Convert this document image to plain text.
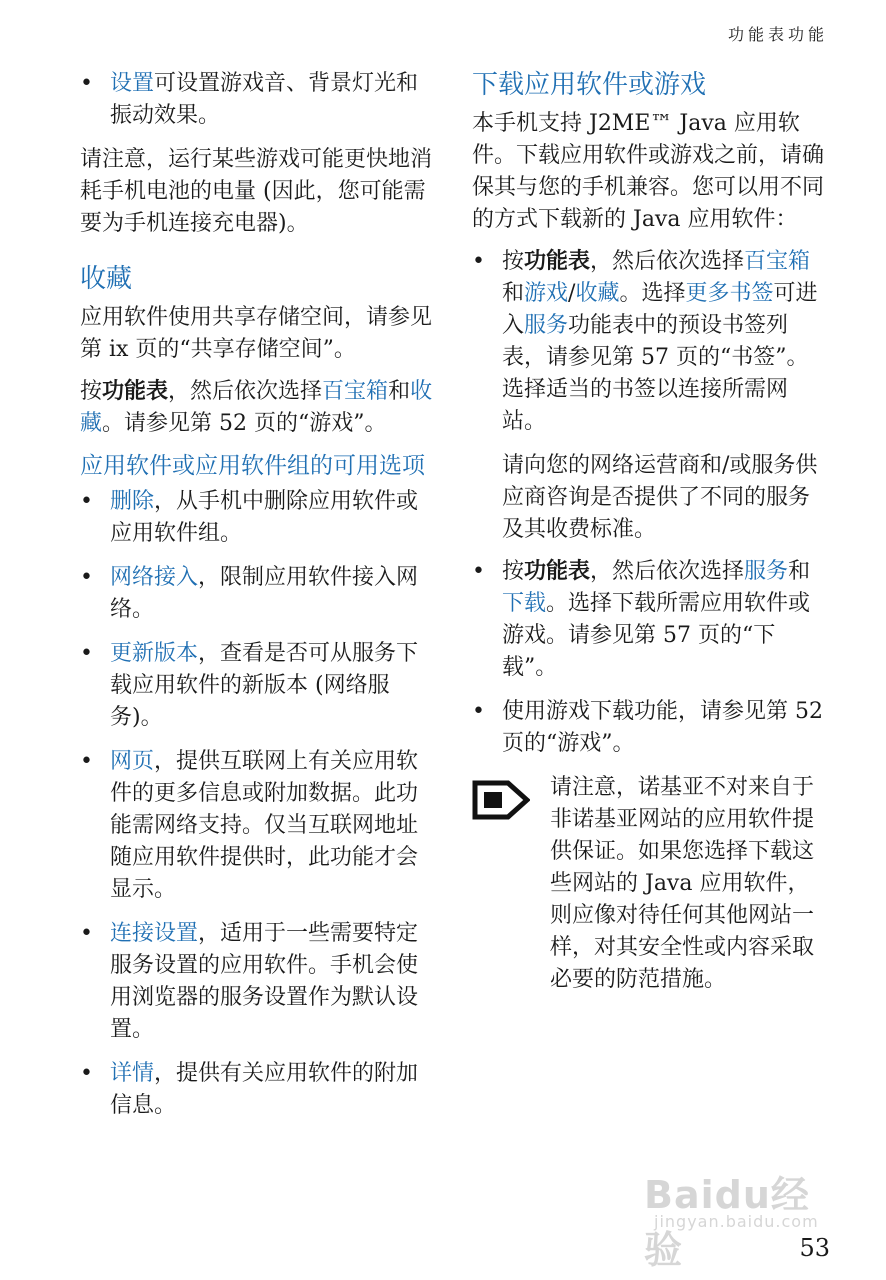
功能表功能
• 设置可设置游戏音、背景灯光和振动效果。

请注意，运行某些游戏可能更快地消耗手机电池的电量 (因此，您可能需要为手机连接充电器)。

收藏

应用软件使用共享存储空间，请参见第 ix 页的“共享存储空间”。

按功能表，然后依次选择百宝箱和收藏。请参见第 52 页的“游戏”。

应用软件或应用软件组的可用选项
• 删除，从手机中删除应用软件或应用软件组。
• 网络接入，限制应用软件接入网络。
• 更新版本，查看是否可从服务下载应用软件的新版本 (网络服务)。
• 网页，提供互联网上有关应用软件的更多信息或附加数据。此功能需网络支持。仅当互联网地址随应用软件提供时，此功能才会显示。
• 连接设置，适用于一些需要特定服务设置的应用软件。手机会使用浏览器的服务设置作为默认设置。
• 详情，提供有关应用软件的附加信息。
下载应用软件或游戏

本手机支持 J2ME™ Java 应用软件。下载应用软件或游戏之前，请确保其与您的手机兼容。您可以用不同的方式下载新的 Java 应用软件：

• 按功能表，然后依次选择百宝箱和游戏/收藏。选择更多书签可进入服务功能表中的预设书签列表，请参见第 57 页的“书签”。选择适当的书签以连接所需网站。

请向您的网络运营商和/或服务供应商咨询是否提供了不同的服务及其收费标准。

• 按功能表，然后依次选择服务和下载。选择下载所需应用软件或游戏。请参见第 57 页的“下载”。
• 使用游戏下载功能，请参见第 52 页的“游戏”。

请注意，诺基亚不对来自于非诺基亚网站的应用软件提供保证。如果您选择下载这些网站的 Java 应用软件，则应像对待任何其他网站一样，对其安全性或内容采取必要的防范措施。

Baidu经验
jingyan.baidu.com
53
